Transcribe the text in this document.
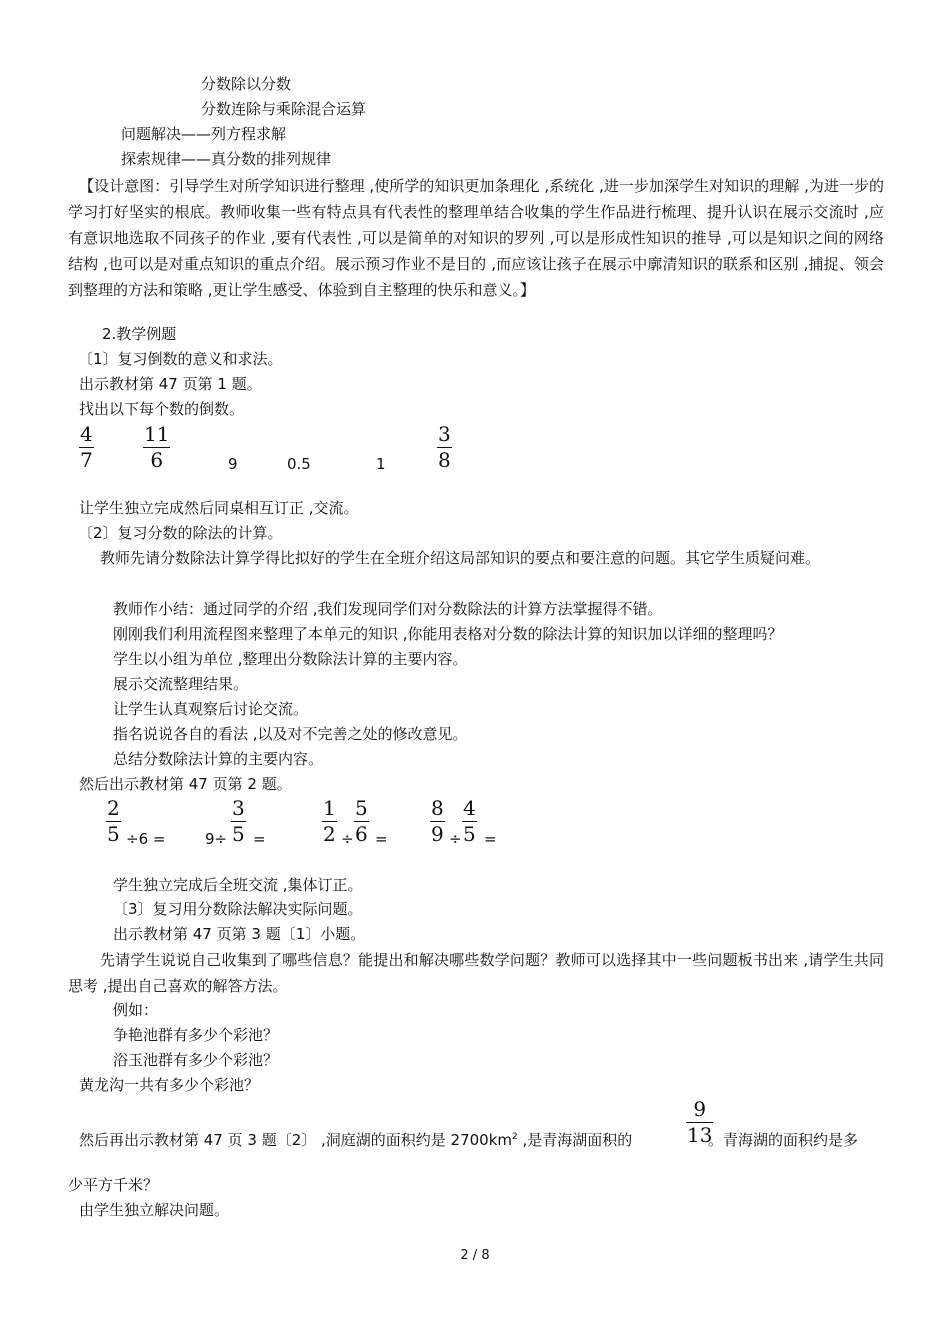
分数除以分数
分数连除与乘除混合运算
问题解决——列方程求解
探索规律——真分数的排列规律
【设计意图：引导学生对所学知识进行整理 ,使所学的知识更加条理化 ,系统化 ,进一步加深学生对知识的理解 ,为进一步的学习打好坚实的根底。教师收集一些有特点具有代表性的整理单结合收集的学生作品进行梳理、提升认识在展示交流时 ,应有意识地选取不同孩子的作业 ,要有代表性 ,可以是简单的对知识的罗列 ,可以是形成性知识的推导 ,可以是知识之间的网络结构 ,也可以是对重点知识的重点介绍。展示预习作业不是目的 ,而应该让孩子在展示中廓清知识的联系和区别 ,捕捉、领会到整理的方法和策略 ,更让学生感受、体验到自主整理的快乐和意义。】
2.教学例题
〔1〕复习倒数的意义和求法。
出示教材第 47 页第 1 题。
找出以下每个数的倒数。
4
7
11
6	9	0.5	1
3
8
让学生独立完成然后同桌相互订正 ,交流。
〔2〕复习分数的除法的计算。
教师先请分数除法计算学得比拟好的学生在全班介绍这局部知识的要点和要注意的问题。其它学生质疑问难。
教师作小结：通过同学的介绍 ,我们发现同学们对分数除法的计算方法掌握得不错。
刚刚我们利用流程图来整理了本单元的知识 ,你能用表格对分数的除法计算的知识加以详细的整理吗？
学生以小组为单位 ,整理出分数除法计算的主要内容。
展示交流整理结果。
让学生认真观察后讨论交流。
指名说说各自的看法 ,以及对不完善之处的修改意见。
总结分数除法计算的主要内容。
然后出示教材第 47 页第 2 题。
2
5 ÷6 =	9÷
3
5 =
1
2 ÷
5
6 =
8
9 ÷
4
5 =
学生独立完成后全班交流 ,集体订正。
〔3〕复习用分数除法解决实际问题。
出示教材第 47 页第 3 题〔1〕小题。
先请学生说说自己收集到了哪些信息？能提出和解决哪些数学问题？教师可以选择其中一些问题板书出来 ,请学生共同思考 ,提出自己喜欢的解答方法。
例如：
争艳池群有多少个彩池？
浴玉池群有多少个彩池？
黄龙沟一共有多少个彩池？
然后再出示教材第 47 页 3 题〔2〕 ,洞庭湖的面积约是 $2700km^2$ ,是青海湖面积的
9
13
。青海湖的面积约是多
少平方千米？
由学生独立解决问题。
2 / 8
